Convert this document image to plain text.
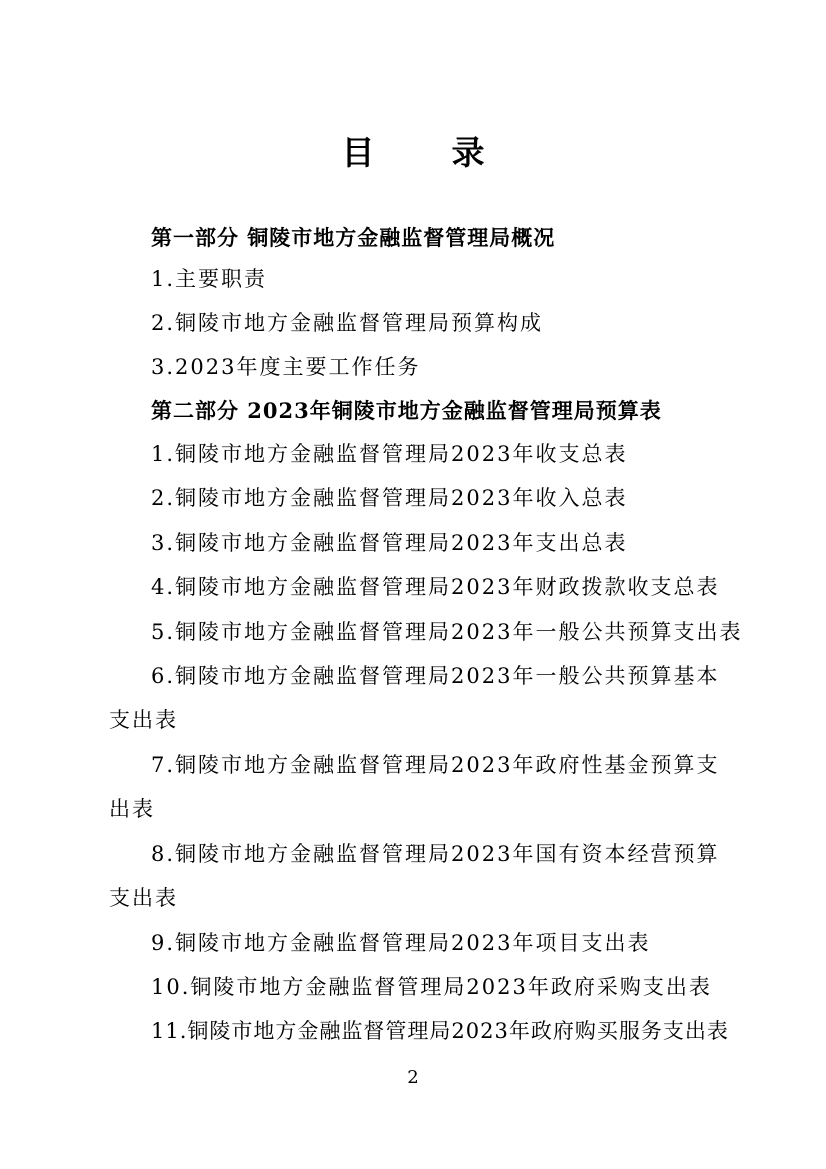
目　录
第一部分 铜陵市地方金融监督管理局概况
1.主要职责
2.铜陵市地方金融监督管理局预算构成
3.2023年度主要工作任务
第二部分 2023年铜陵市地方金融监督管理局预算表
1.铜陵市地方金融监督管理局2023年收支总表
2.铜陵市地方金融监督管理局2023年收入总表
3.铜陵市地方金融监督管理局2023年支出总表
4.铜陵市地方金融监督管理局2023年财政拨款收支总表
5.铜陵市地方金融监督管理局2023年一般公共预算支出表
6.铜陵市地方金融监督管理局2023年一般公共预算基本支出表
7.铜陵市地方金融监督管理局2023年政府性基金预算支出表
8.铜陵市地方金融监督管理局2023年国有资本经营预算支出表
9.铜陵市地方金融监督管理局2023年项目支出表
10.铜陵市地方金融监督管理局2023年政府采购支出表
11.铜陵市地方金融监督管理局2023年政府购买服务支出表
2
